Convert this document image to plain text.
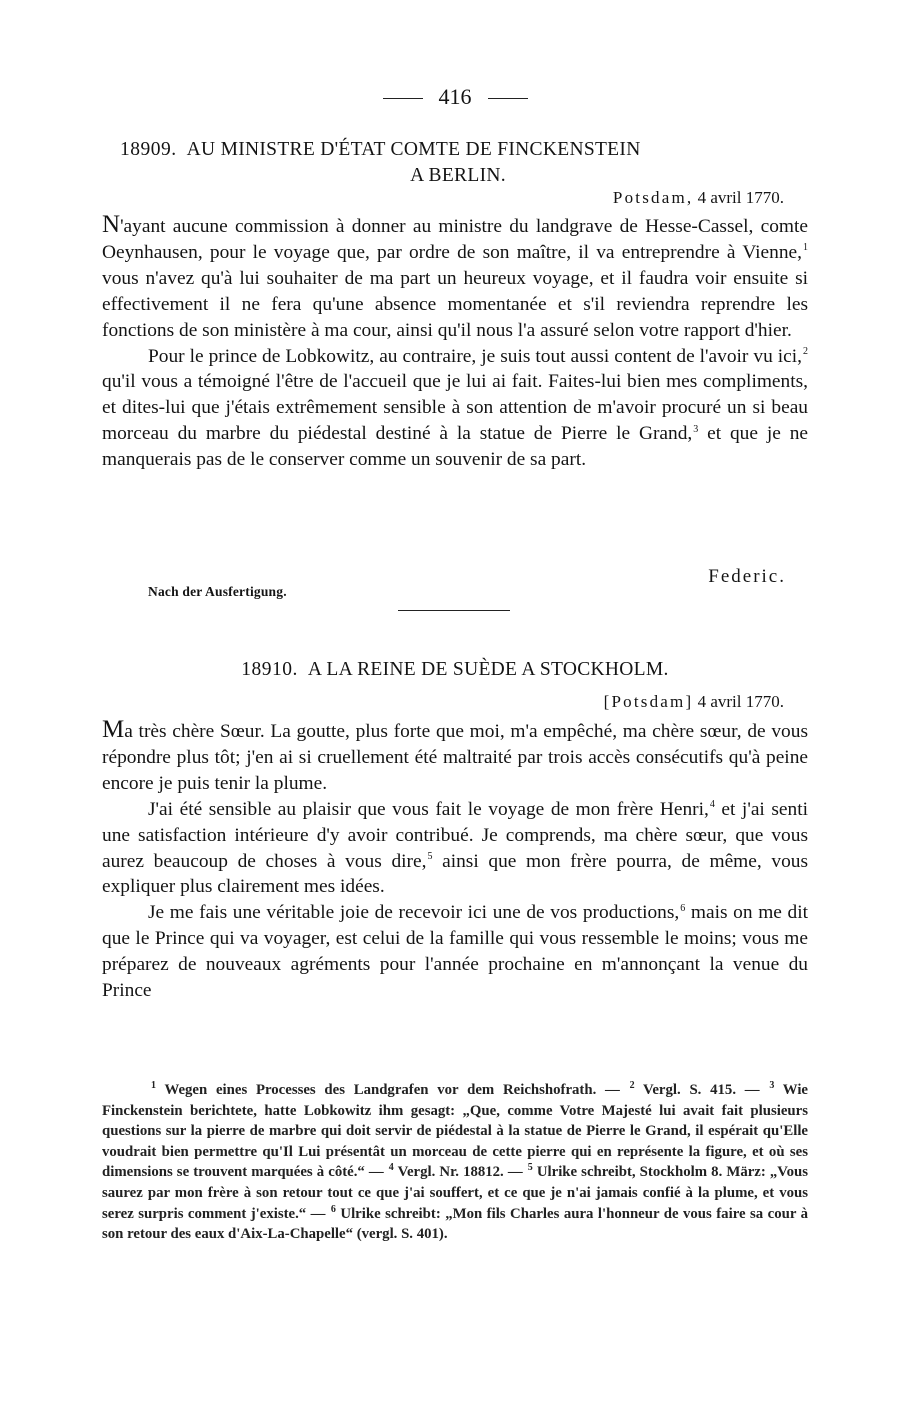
416
18909. AU MINISTRE D'ÉTAT COMTE DE FINCKENSTEIN
A BERLIN.
Potsdam, 4 avril 1770.

N'ayant aucune commission à donner au ministre du landgrave de Hesse-Cassel, comte Oeynhausen, pour le voyage que, par ordre de son maître, il va entreprendre à Vienne,$^1$ vous n'avez qu'à lui souhaiter de ma part un heureux voyage, et il faudra voir ensuite si effectivement il ne fera qu'une absence momentanée et s'il reviendra reprendre les fonctions de son ministère à ma cour, ainsi qu'il nous l'a assuré selon votre rapport d'hier.

Pour le prince de Lobkowitz, au contraire, je suis tout aussi content de l'avoir vu ici,$^2$ qu'il vous a témoigné l'être de l'accueil que je lui ai fait. Faites-lui bien mes compliments, et dites-lui que j'étais extrêmement sensible à son attention de m'avoir procuré un si beau morceau du marbre du piédestal destiné à la statue de Pierre le Grand,$^3$ et que je ne manquerais pas de le conserver comme un souvenir de sa part.

Federic.
Nach der Ausfertigung.
18910. A LA REINE DE SUÈDE A STOCKHOLM.
[Potsdam] 4 avril 1770.

Ma très chère Sœur. La goutte, plus forte que moi, m'a empêché, ma chère sœur, de vous répondre plus tôt; j'en ai si cruellement été maltraité par trois accès consécutifs qu'à peine encore je puis tenir la plume.

J'ai été sensible au plaisir que vous fait le voyage de mon frère Henri,$^4$ et j'ai senti une satisfaction intérieure d'y avoir contribué. Je comprends, ma chère sœur, que vous aurez beaucoup de choses à vous dire,$^5$ ainsi que mon frère pourra, de même, vous expliquer plus clairement mes idées.

Je me fais une véritable joie de recevoir ici une de vos productions,$^6$ mais on me dit que le Prince qui va voyager, est celui de la famille qui vous ressemble le moins; vous me préparez de nouveaux agréments pour l'année prochaine en m'annonçant la venue du Prince

$^1$ Wegen eines Processes des Landgrafen vor dem Reichshofrath. — $^2$ Vergl. S. 415. — $^3$ Wie Finckenstein berichtete, hatte Lobkowitz ihm gesagt: „Que, comme Votre Majesté lui avait fait plusieurs questions sur la pierre de marbre qui doit servir de piédestal à la statue de Pierre le Grand, il espérait qu'Elle voudrait bien permettre qu'Il Lui présentât un morceau de cette pierre qui en représente la figure, et où ses dimensions se trouvent marquées à côté.“ — $^4$ Vergl. Nr. 18812. — $^5$ Ulrike schreibt, Stockholm 8. März: „Vous saurez par mon frère à son retour tout ce que j'ai souffert, et ce que je n'ai jamais confié à la plume, et vous serez surpris comment j'existe.“ — $^6$ Ulrike schreibt: „Mon fils Charles aura l'honneur de vous faire sa cour à son retour des eaux d'Aix-La-Chapelle“ (vergl. S. 401).
